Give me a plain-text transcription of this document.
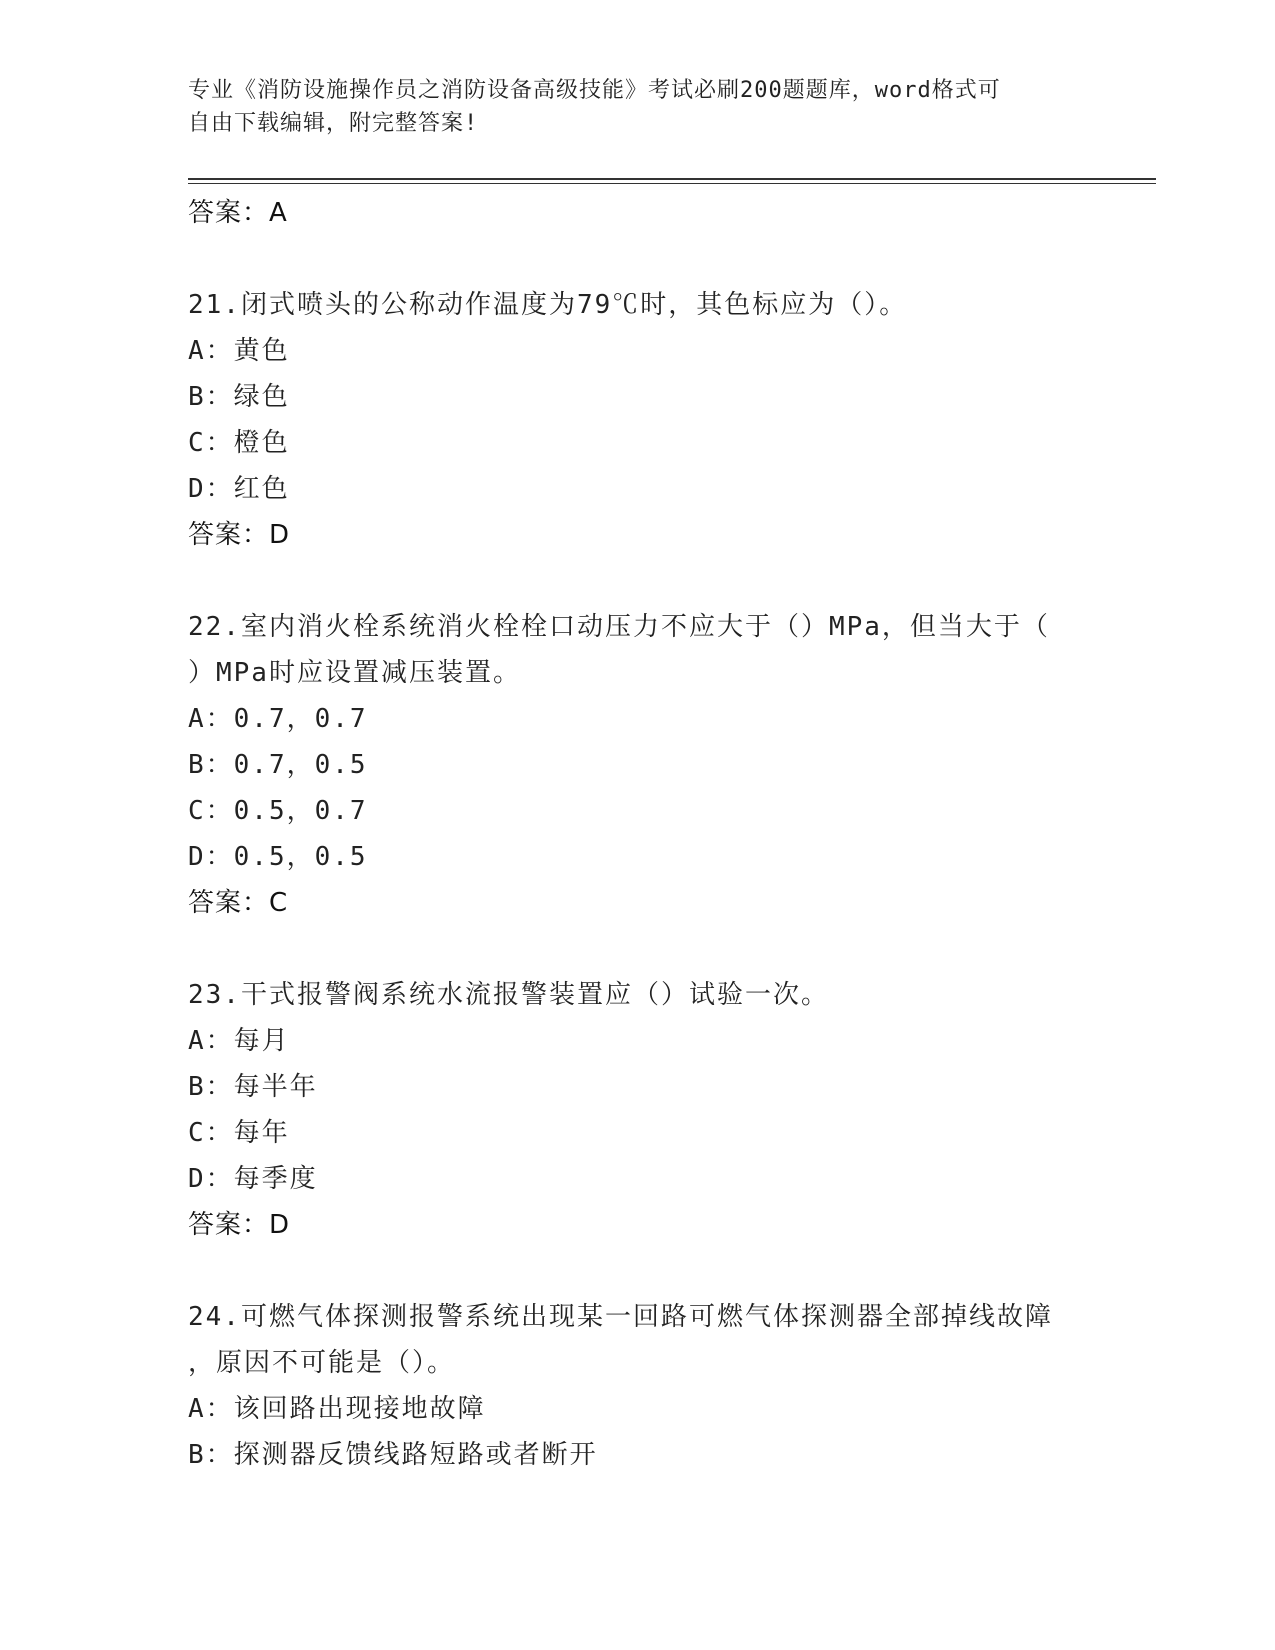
专业《消防设施操作员之消防设备高级技能》考试必刷200题题库，word格式可
自由下载编辑，附完整答案!
答案：A
21.闭式喷头的公称动作温度为79℃时，其色标应为（）。
A：黄色
B：绿色
C：橙色
D：红色
答案：D
22.室内消火栓系统消火栓栓口动压力不应大于（）MPa，但当大于（
）MPa时应设置减压装置。
A：0.7，0.7
B：0.7，0.5
C：0.5，0.7
D：0.5，0.5
答案：C
23.干式报警阀系统水流报警装置应（）试验一次。
A：每月
B：每半年
C：每年
D：每季度
答案：D
24.可燃气体探测报警系统出现某一回路可燃气体探测器全部掉线故障
，原因不可能是（）。
A：该回路出现接地故障
B：探测器反馈线路短路或者断开
